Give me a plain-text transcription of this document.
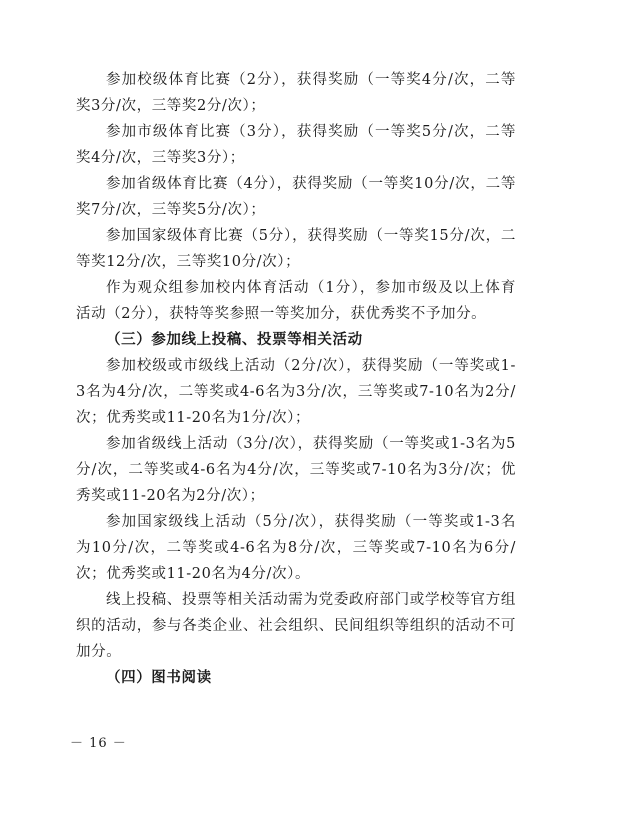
参加校级体育比赛（2分），获得奖励（一等奖4分/次，二等奖3分/次，三等奖2分/次）；

参加市级体育比赛（3分），获得奖励（一等奖5分/次，二等奖4分/次，三等奖3分）；

参加省级体育比赛（4分），获得奖励（一等奖10分/次，二等奖7分/次，三等奖5分/次）；

参加国家级体育比赛（5分），获得奖励（一等奖15分/次，二等奖12分/次，三等奖10分/次）；

作为观众组参加校内体育活动（1分），参加市级及以上体育活动（2分），获特等奖参照一等奖加分，获优秀奖不予加分。

（三）参加线上投稿、投票等相关活动

参加校级或市级线上活动（2分/次），获得奖励（一等奖或1-3名为4分/次，二等奖或4-6名为3分/次，三等奖或7-10名为2分/次；优秀奖或11-20名为1分/次）；

参加省级线上活动（3分/次），获得奖励（一等奖或1-3名为5分/次，二等奖或4-6名为4分/次，三等奖或7-10名为3分/次；优秀奖或11-20名为2分/次）；

参加国家级线上活动（5分/次），获得奖励（一等奖或1-3名为10分/次，二等奖或4-6名为8分/次，三等奖或7-10名为6分/次；优秀奖或11-20名为4分/次）。

线上投稿、投票等相关活动需为党委政府部门或学校等官方组织的活动，参与各类企业、社会组织、民间组织等组织的活动不可加分。

（四）图书阅读
－ 16 －
